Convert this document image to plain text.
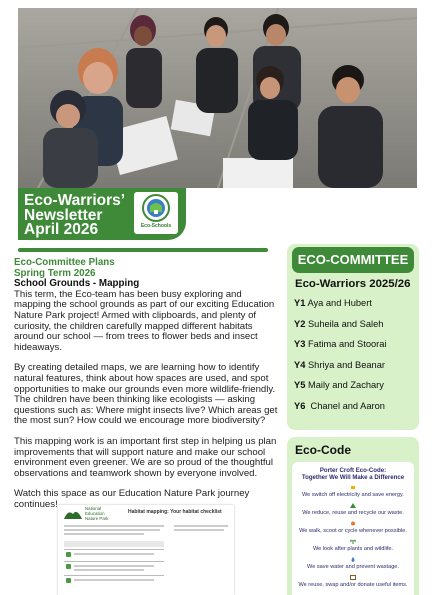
Eco-Warriors’
Newsletter
April 2026	Eco-Schools

Eco-Committee Plans

Spring Term 2026

School Grounds - Mapping

This term, the Eco-team has been busy exploring and mapping the school grounds as part of our exciting Education Nature Park project! Armed with clipboards, and plenty of curiosity, the children carefully mapped different habitats around our school — from trees to flower beds and insect hideaways.

By creating detailed maps, we are learning how to identify natural features, think about how spaces are used, and spot opportunities to make our grounds even more wildlife-friendly. The children have been thinking like ecologists — asking questions such as: Where might insects live? Which areas get the most sun? How could we encourage more biodiversity?

This mapping work is an important first step in helping us plan improvements that will support nature and make our school environment even greener. We are so proud of the thoughtful observations and teamwork shown by everyone involved.

Watch this space as our Education Nature Park journey continues!	National Education Nature Park
Habitat mapping: Your habitat checklist
ECO-COMMITTEE
Eco-Warriors 2025/26
Y1 Aya and Hubert
Y2 Suheila and Saleh
Y3 Fatima and Stoorai
Y4 Shriya and Beanar
Y5 Maily and Zachary
Y6 Chanel and Aaron
Eco-Code
Porter Croft Eco-Code:
Together We Will Make a Difference
We switch off electricity and save energy.
We reduce, reuse and recycle our waste.
We walk, scoot or cycle whenever possible.
We look after plants and wildlife.
We save water and prevent wastage.
We reuse, swap and/or donate useful items.
